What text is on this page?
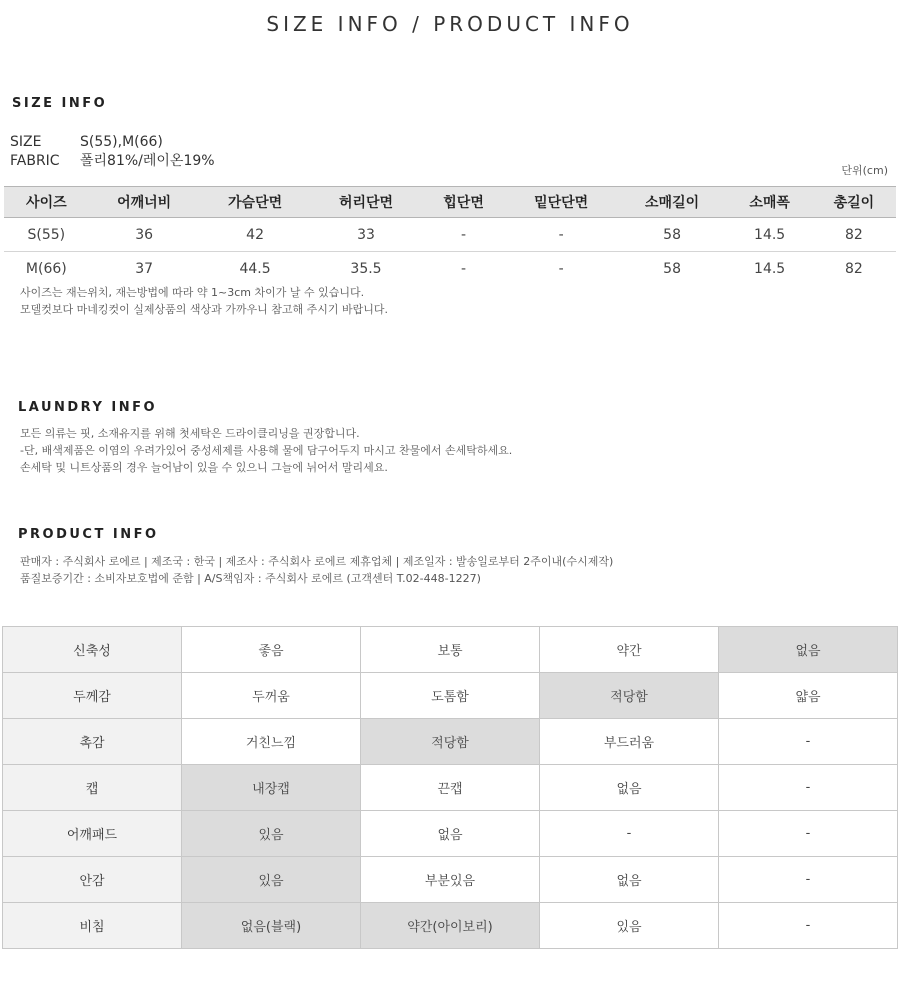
SIZE INFO / PRODUCT INFO
SIZE INFO
SIZE	S(55),M(66)
FABRIC 폴리81%/레이온19%
단위(cm)
사이즈	어깨너비	가슴단면	허리단면	힙단면	밑단단면	소매길이	소매폭	총길이
S(55)	36	42	33	-	-	58	14.5	82
M(66)	37	44.5	35.5	-	-	58	14.5	82
사이즈는 재는위치, 재는방법에 따라 약 1~3cm 차이가 날 수 있습니다.
모델컷보다 마네킹컷이 실제상품의 색상과 가까우니 참고해 주시기 바랍니다.
LAUNDRY INFO
모든 의류는 핏, 소재유지를 위해 첫세탁은 드라이클리닝을 권장합니다.
-단, 배색제품은 이염의 우려가있어 중성세제를 사용해 물에 담구어두지 마시고 찬물에서 손세탁하세요.
손세탁 및 니트상품의 경우 늘어남이 있을 수 있으니 그늘에 뉘어서 말리세요.
PRODUCT INFO
판매자 : 주식회사 로에르 | 제조국 : 한국 | 제조사 : 주식회사 로에르 제휴업체 | 제조일자 : 발송일로부터 2주이내(수시제작)
품질보증기간 : 소비자보호법에 준함 | A/S책임자 : 주식회사 로에르 (고객센터 T.02-448-1227)
신축성	좋음	보통	약간	없음
두께감	두꺼움	도톰함	적당함	얇음
촉감	거친느낌	적당함	부드러움	-
캡	내장캡	끈캡	없음	-
어깨패드	있음	없음	-	-
안감	있음	부분있음	없음	-
비침	없음(블랙)	약간(아이보리)	있음	-
